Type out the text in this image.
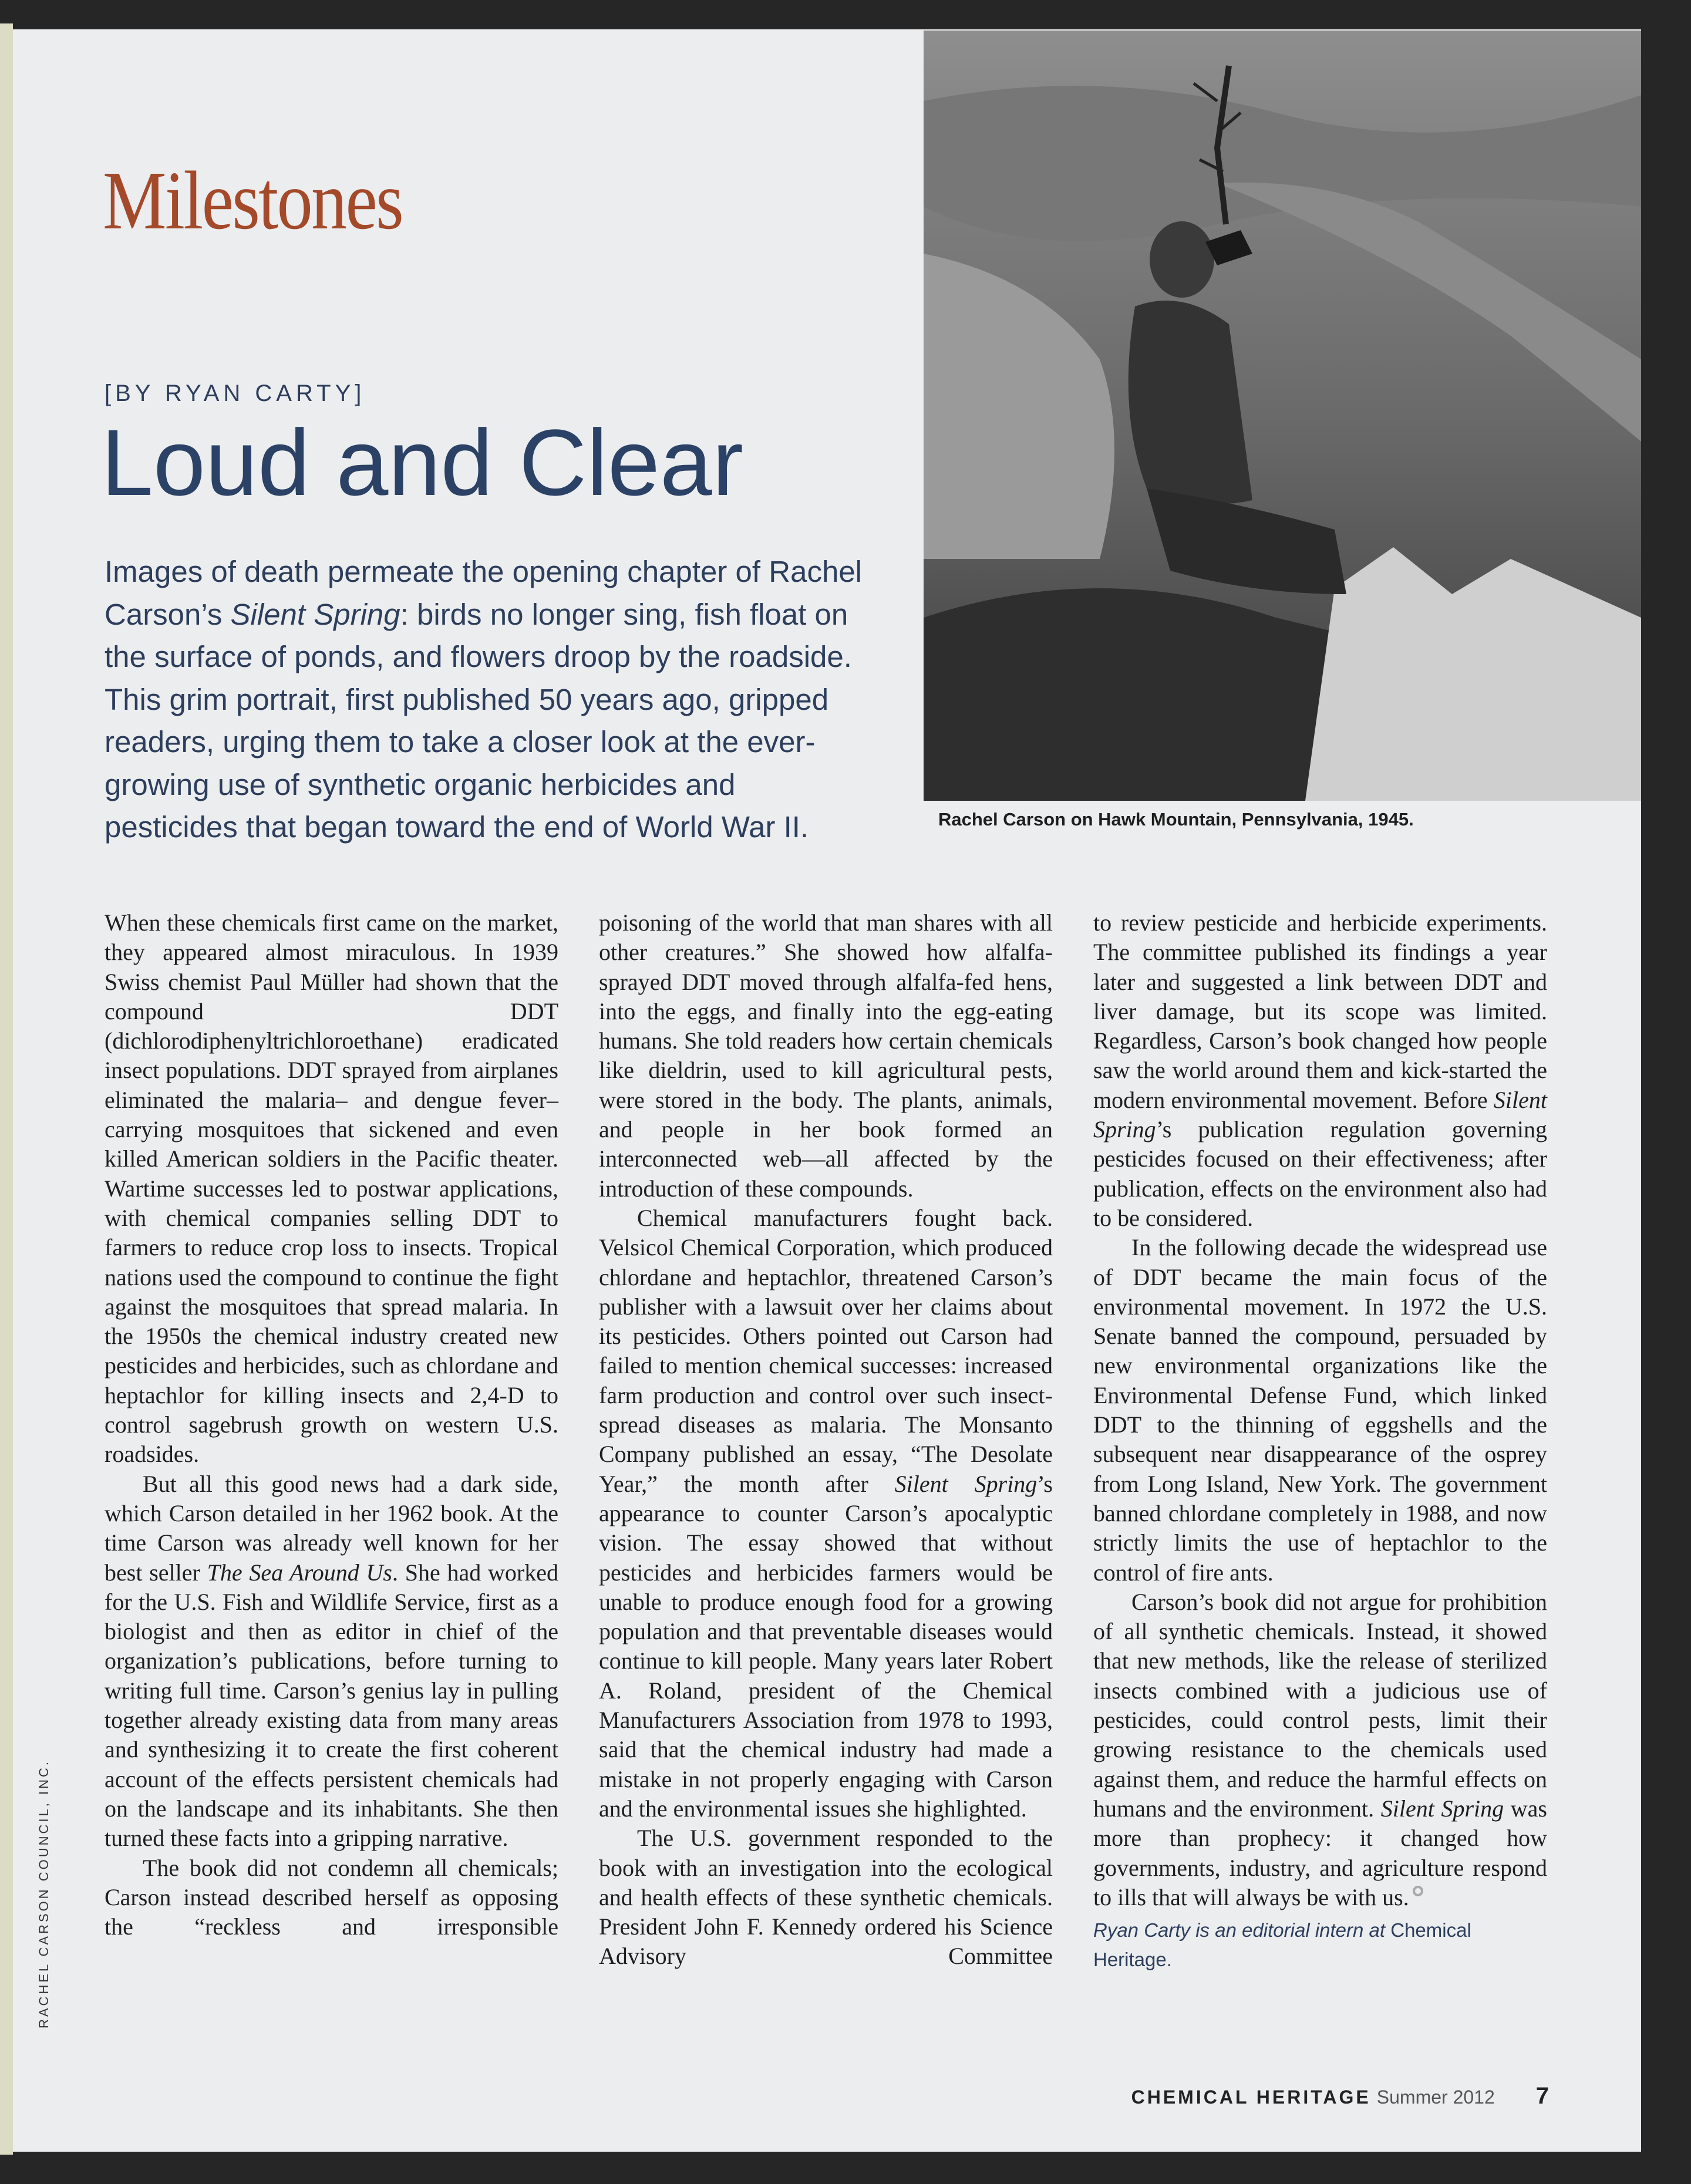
Rachel Carson on Hawk Mountain, Pennsylvania, 1945.
Milestones
[BY RYAN CARTY]
Loud and Clear
Images of death permeate the opening chapter of Rachel Carson’s Silent Spring: birds no longer sing, fish float on the surface of ponds, and flowers droop by the roadside. This grim portrait, first published 50 years ago, gripped readers, urging them to take a closer look at the ever-growing use of synthetic organic herbicides and pesticides that began toward the end of World War II.

When these chemicals first came on the market, they appeared almost miraculous. In 1939 Swiss chemist Paul Müller had shown that the compound DDT (dichlorodiphenyltrichloroethane) eradicated insect populations. DDT sprayed from airplanes eliminated the malaria– and dengue fever–carrying mosquitoes that sickened and even killed American soldiers in the Pacific theater. Wartime successes led to postwar applications, with chemical companies selling DDT to farmers to reduce crop loss to insects. Tropical nations used the compound to continue the fight against the mosquitoes that spread malaria. In the 1950s the chemical industry created new pesticides and herbicides, such as chlordane and heptachlor for killing insects and 2,4-D to control sagebrush growth on western U.S. roadsides.

But all this good news had a dark side, which Carson detailed in her 1962 book. At the time Carson was already well known for her best seller The Sea Around Us. She had worked for the U.S. Fish and Wildlife Service, first as a biologist and then as editor in chief of the organization’s publications, before turning to writing full time. Carson’s genius lay in pulling together already existing data from many areas and synthesizing it to create the first coherent account of the effects persistent chemicals had on the landscape and its inhabitants. She then turned these facts into a gripping narrative.

The book did not condemn all chemicals; Carson instead described herself as opposing the “reckless and irresponsible

poisoning of the world that man shares with all other creatures.” She showed how alfalfa-sprayed DDT moved through alfalfa-fed hens, into the eggs, and finally into the egg-eating humans. She told readers how certain chemicals like dieldrin, used to kill agricultural pests, were stored in the body. The plants, animals, and people in her book formed an interconnected web—all affected by the introduction of these compounds.

Chemical manufacturers fought back. Velsicol Chemical Corporation, which produced chlordane and heptachlor, threatened Carson’s publisher with a lawsuit over her claims about its pesticides. Others pointed out Carson had failed to mention chemical successes: increased farm production and control over such insect-spread diseases as malaria. The Monsanto Company published an essay, “The Desolate Year,” the month after Silent Spring’s appearance to counter Carson’s apocalyptic vision. The essay showed that without pesticides and herbicides farmers would be unable to produce enough food for a growing population and that preventable diseases would continue to kill people. Many years later Robert A. Roland, president of the Chemical Manufacturers Association from 1978 to 1993, said that the chemical industry had made a mistake in not properly engaging with Carson and the environmental issues she highlighted.

The U.S. government responded to the book with an investigation into the ecological and health effects of these synthetic chemicals. President John F. Kennedy ordered his Science Advisory Committee

to review pesticide and herbicide experiments. The committee published its findings a year later and suggested a link between DDT and liver damage, but its scope was limited. Regardless, Carson’s book changed how people saw the world around them and kick-started the modern environmental movement. Before Silent Spring’s publication regulation governing pesticides focused on their effectiveness; after publication, effects on the environment also had to be considered.

In the following decade the widespread use of DDT became the main focus of the environmental movement. In 1972 the U.S. Senate banned the compound, persuaded by new environmental organizations like the Environmental Defense Fund, which linked DDT to the thinning of eggshells and the subsequent near disappearance of the osprey from Long Island, New York. The government banned chlordane completely in 1988, and now strictly limits the use of heptachlor to the control of fire ants.

Carson’s book did not argue for prohibition of all synthetic chemicals. Instead, it showed that new methods, like the release of sterilized insects combined with a judicious use of pesticides, could control pests, limit their growing resistance to the chemicals used against them, and reduce the harmful effects on humans and the environment. Silent Spring was more than prophecy: it changed how governments, industry, and agriculture respond to ills that will always be with us.

Ryan Carty is an editorial intern at Chemical Heritage.
RACHEL CARSON COUNCIL, INC.
CHEMICAL HERITAGE Summer 2012 7
